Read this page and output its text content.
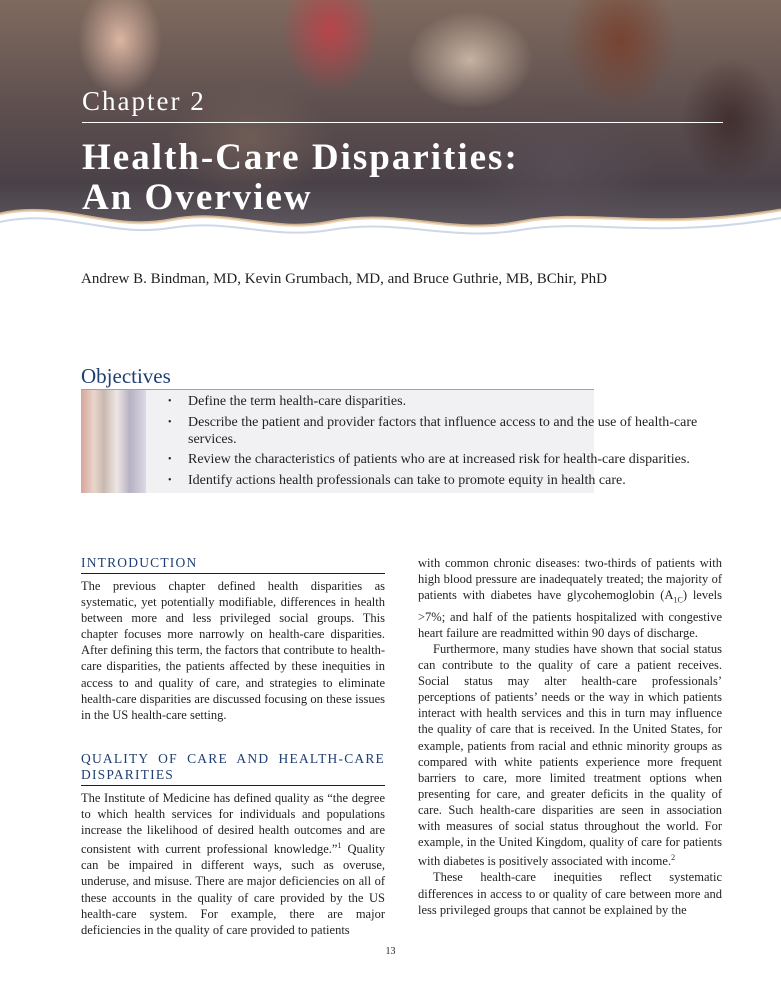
Chapter 2
Health-Care Disparities:
An Overview

Andrew B. Bindman, MD, Kevin Grumbach, MD, and Bruce Guthrie, MB, BChir, PhD

Objectives
• Define the term health-care disparities.
• Describe the patient and provider factors that influence access to and the use of health-care services.
• Review the characteristics of patients who are at increased risk for health-care disparities.
• Identify actions health professionals can take to promote equity in health care.
INTRODUCTION

The previous chapter defined health disparities as systematic, yet potentially modifiable, differences in health between more and less privileged social groups. This chapter focuses more narrowly on health-care disparities. After defining this term, the factors that contribute to health-care disparities, the patients affected by these inequities in access to and quality of care, and strategies to eliminate health-care disparities are discussed focusing on these issues in the US health-care setting.

QUALITY OF CARE AND HEALTH-CARE DISPARITIES

The Institute of Medicine has defined quality as “the degree to which health services for individuals and populations increase the likelihood of desired health outcomes and are consistent with current professional knowledge.”$^1$ Quality can be impaired in different ways, such as overuse, underuse, and misuse. There are major deficiencies on all of these accounts in the quality of care provided by the US health-care system. For example, there are major deficiencies in the quality of care provided to patients

with common chronic diseases: two-thirds of patients with high blood pressure are inadequately treated; the majority of patients with diabetes have glycohemoglobin $(A_{1C})$ levels >7%; and half of the patients hospitalized with congestive heart failure are readmitted within 90 days of discharge.

Furthermore, many studies have shown that social status can contribute to the quality of care a patient receives. Social status may alter health-care professionals’ perceptions of patients’ needs or the way in which patients interact with health services and this in turn may influence the quality of care that is received. In the United States, for example, patients from racial and ethnic minority groups as compared with white patients experience more frequent barriers to care, more limited treatment options when presenting for care, and greater deficits in the quality of care. Such health-care disparities are seen in association with measures of social status throughout the world. For example, in the United Kingdom, quality of care for patients with diabetes is positively associated with income.$^2$

These health-care inequities reflect systematic differences in access to or quality of care between more and less privileged groups that cannot be explained by the

13
